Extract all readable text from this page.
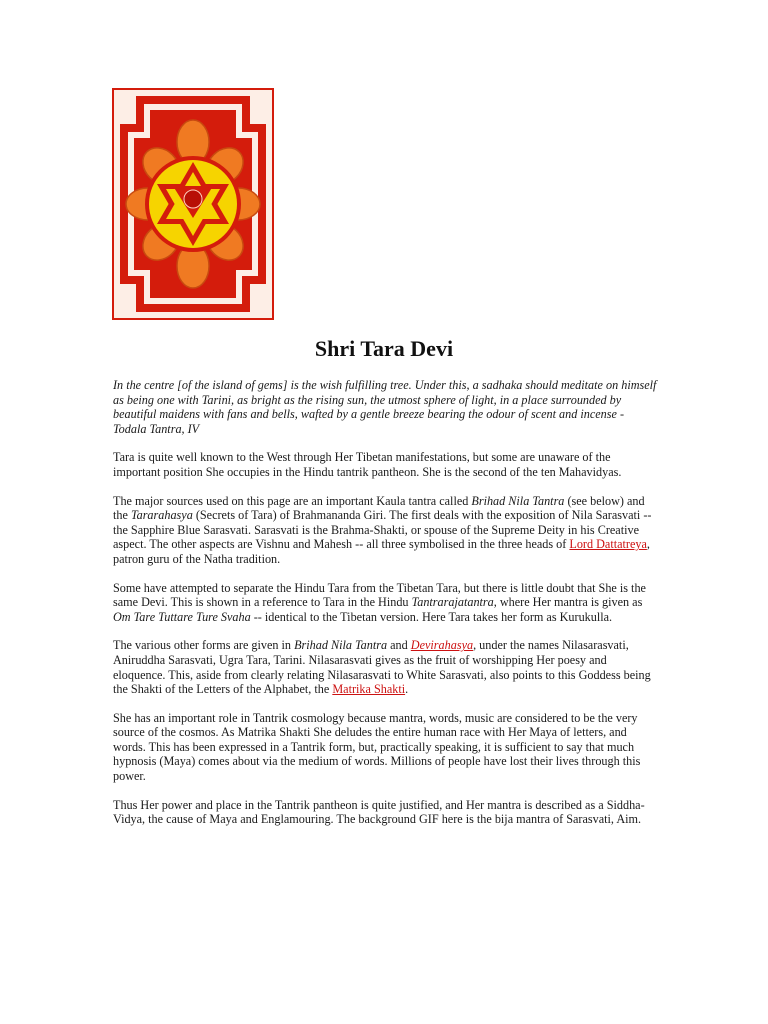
Shri Tara Devi

In the centre [of the island of gems] is the wish fulfilling tree. Under this, a sadhaka should meditate on himself as being one with Tarini, as bright as the rising sun, the utmost sphere of light, in a place surrounded by beautiful maidens with fans and bells, wafted by a gentle breeze bearing the odour of scent and incense - Todala Tantra, IV

Tara is quite well known to the West through Her Tibetan manifestations, but some are unaware of the important position She occupies in the Hindu tantrik pantheon. She is the second of the ten Mahavidyas.

The major sources used on this page are an important Kaula tantra called Brihad Nila Tantra (see below) and the Tararahasya (Secrets of Tara) of Brahmananda Giri. The first deals with the exposition of Nila Sarasvati -- the Sapphire Blue Sarasvati. Sarasvati is the Brahma-Shakti, or spouse of the Supreme Deity in his Creative aspect. The other aspects are Vishnu and Mahesh -- all three symbolised in the three heads of Lord Dattatreya, patron guru of the Natha tradition.

Some have attempted to separate the Hindu Tara from the Tibetan Tara, but there is little doubt that She is the same Devi. This is shown in a reference to Tara in the Hindu Tantrarajatantra, where Her mantra is given as Om Tare Tuttare Ture Svaha -- identical to the Tibetan version. Here Tara takes her form as Kurukulla.

The various other forms are given in Brihad Nila Tantra and Devirahasya, under the names Nilasarasvati, Aniruddha Sarasvati, Ugra Tara, Tarini. Nilasarasvati gives as the fruit of worshipping Her poesy and eloquence. This, aside from clearly relating Nilasarasvati to White Sarasvati, also points to this Goddess being the Shakti of the Letters of the Alphabet, the Matrika Shakti.

She has an important role in Tantrik cosmology because mantra, words, music are considered to be the very source of the cosmos. As Matrika Shakti She deludes the entire human race with Her Maya of letters, and words. This has been expressed in a Tantrik form, but, practically speaking, it is sufficient to say that much hypnosis (Maya) comes about via the medium of words. Millions of people have lost their lives through this power.

Thus Her power and place in the Tantrik pantheon is quite justified, and Her mantra is described as a Siddha-Vidya, the cause of Maya and Englamouring. The background GIF here is the bija mantra of Sarasvati, Aim.
